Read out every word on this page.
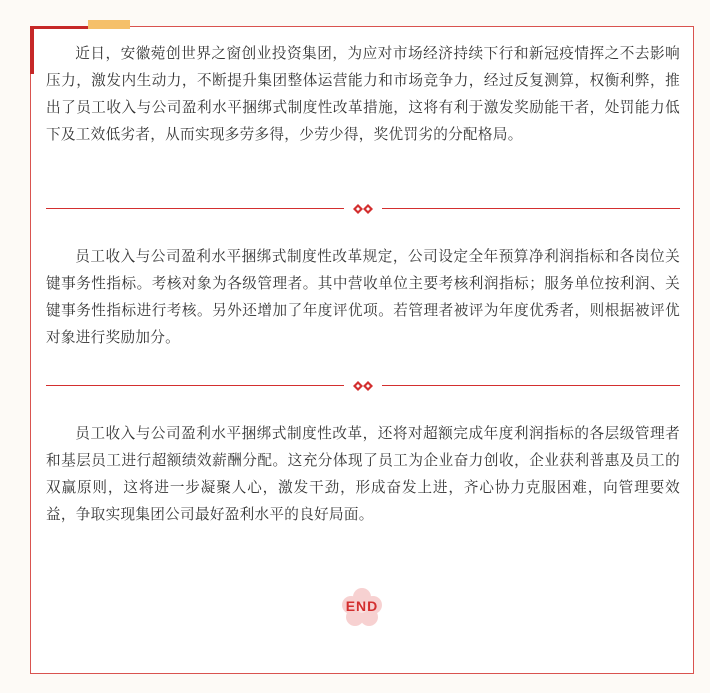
近日，安徽菀创世界之窗创业投资集团，为应对市场经济持续下行和新冠疫情挥之不去影响压力，激发内生动力，不断提升集团整体运营能力和市场竞争力，经过反复测算，权衡利弊，推出了员工收入与公司盈利水平捆绑式制度性改革措施，这将有利于激发奖励能干者，处罚能力低下及工效低劣者，从而实现多劳多得，少劳少得，奖优罚劣的分配格局。

员工收入与公司盈利水平捆绑式制度性改革规定，公司设定全年预算净利润指标和各岗位关键事务性指标。考核对象为各级管理者。其中营收单位主要考核利润指标；服务单位按利润、关键事务性指标进行考核。另外还增加了年度评优项。若管理者被评为年度优秀者，则根据被评优对象进行奖励加分。

员工收入与公司盈利水平捆绑式制度性改革，还将对超额完成年度利润指标的各层级管理者和基层员工进行超额绩效薪酬分配。这充分体现了员工为企业奋力创收，企业获利普惠及员工的双赢原则，这将进一步凝聚人心，激发干劲，形成奋发上进，齐心协力克服困难，向管理要效益，争取实现集团公司最好盈利水平的良好局面。

END
